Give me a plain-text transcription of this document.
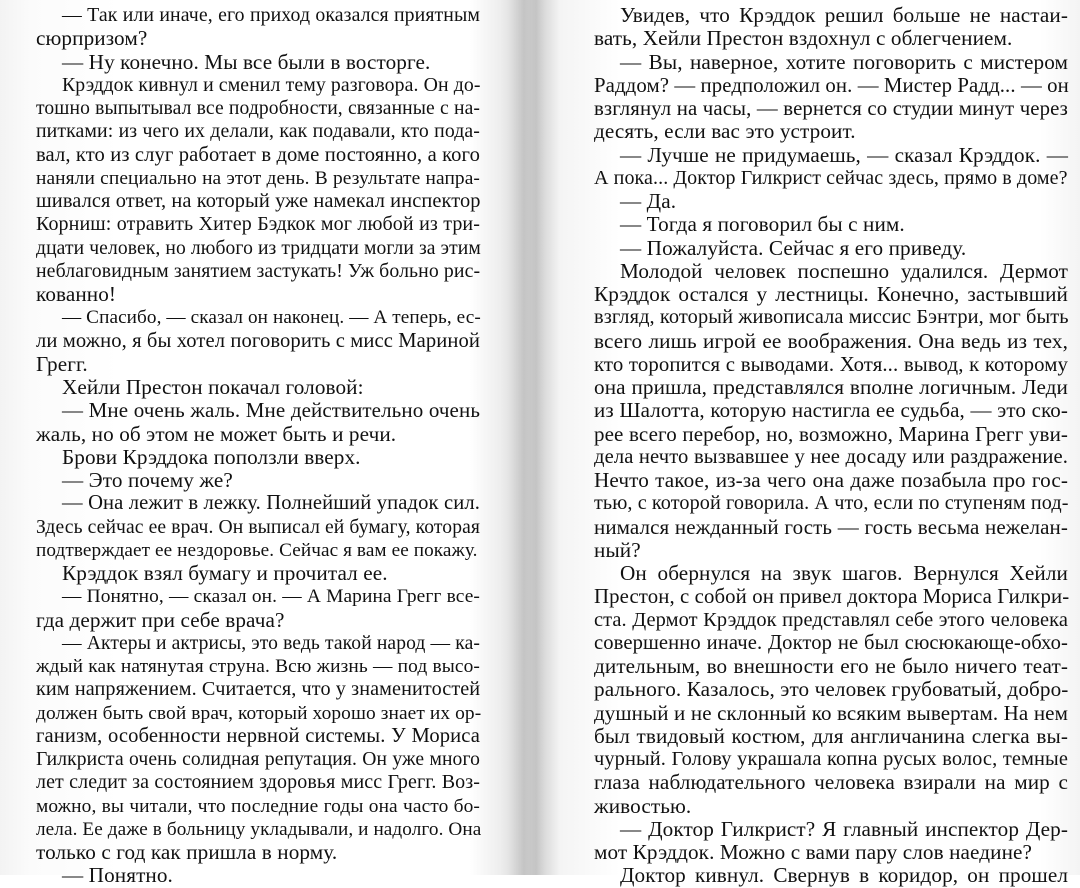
— Так или иначе, его приход оказался приятным
сюрпризом?
— Ну конечно. Мы все были в восторге.
Крэддок кивнул и сменил тему разговора. Он до-
тошно выпытывал все подробности, связанные с на-
питками: из чего их делали, как подавали, кто пода-
вал, кто из слуг работает в доме постоянно, а кого
наняли специально на этот день. В результате напра-
шивался ответ, на который уже намекал инспектор
Корниш: отравить Хитер Бэдкок мог любой из три-
дцати человек, но любого из тридцати могли за этим
неблаговидным занятием застукать! Уж больно рис-
кованно!
— Спасибо, — сказал он наконец. — А теперь, ес-
ли можно, я бы хотел поговорить с мисс Мариной
Грегг.
Хейли Престон покачал головой:
— Мне очень жаль. Мне действительно очень
жаль, но об этом не может быть и речи.
Брови Крэддока поползли вверх.
— Это почему же?
— Она лежит в лежку. Полнейший упадок сил.
Здесь сейчас ее врач. Он выписал ей бумагу, которая
подтверждает ее нездоровье. Сейчас я вам ее покажу.
Крэддок взял бумагу и прочитал ее.
— Понятно, — сказал он. — А Марина Грегг все-
гда держит при себе врача?
— Актеры и актрисы, это ведь такой народ — ка-
ждый как натянутая струна. Всю жизнь — под высо-
ким напряжением. Считается, что у знаменитостей
должен быть свой врач, который хорошо знает их ор-
ганизм, особенности нервной системы. У Мориса
Гилкриста очень солидная репутация. Он уже много
лет следит за состоянием здоровья мисс Грегг. Воз-
можно, вы читали, что последние годы она часто бо-
лела. Ее даже в больницу укладывали, и надолго. Она
только с год как пришла в норму.
— Понятно.
Увидев, что Крэддок решил больше не настаи-
вать, Хейли Престон вздохнул с облегчением.
— Вы, наверное, хотите поговорить с мистером
Раддом? — предположил он. — Мистер Радд... — он
взглянул на часы, — вернется со студии минут через
десять, если вас это устроит.
— Лучше не придумаешь, — сказал Крэддок. —
А пока... Доктор Гилкрист сейчас здесь, прямо в доме?
— Да.
— Тогда я поговорил бы с ним.
— Пожалуйста. Сейчас я его приведу.
Молодой человек поспешно удалился. Дермот
Крэддок остался у лестницы. Конечно, застывший
взгляд, который живописала миссис Бэнтри, мог быть
всего лишь игрой ее воображения. Она ведь из тех,
кто торопится с выводами. Хотя... вывод, к которому
она пришла, представлялся вполне логичным. Леди
из Шалотта, которую настигла ее судьба, — это ско-
рее всего перебор, но, возможно, Марина Грегг уви-
дела нечто вызвавшее у нее досаду или раздражение.
Нечто такое, из-за чего она даже позабыла про гос-
тью, с которой говорила. А что, если по ступеням под-
нимался нежданный гость — гость весьма нежелан-
ный?
Он обернулся на звук шагов. Вернулся Хейли
Престон, с собой он привел доктора Мориса Гилкри-
ста. Дермот Крэддок представлял себе этого человека
совершенно иначе. Доктор не был сюсюкающе-обхо-
дительным, во внешности его не было ничего теат-
рального. Казалось, это человек грубоватый, добро-
душный и не склонный ко всяким вывертам. На нем
был твидовый костюм, для англичанина слегка вы-
чурный. Голову украшала копна русых волос, темные
глаза наблюдательного человека взирали на мир с
живостью.
— Доктор Гилкрист? Я главный инспектор Дер-
мот Крэддок. Можно с вами пару слов наедине?
Доктор кивнул. Свернув в коридор, он прошел
